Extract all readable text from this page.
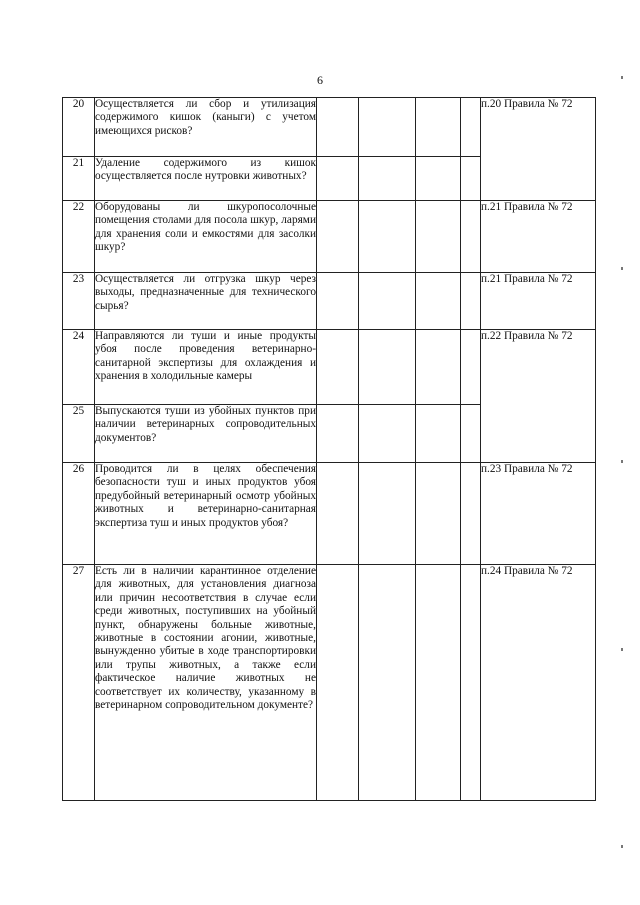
6
20	Осуществляется ли сбор и утилизация содержимого кишок (каныги) с учетом имеющихся рисков?					п.20 Правила № 72
21	Удаление содержимого из кишок осуществляется после нутровки животных?					
22	Оборудованы ли шкуропосолочные помещения столами для посола шкур, ларями для хранения соли и емкостями для засолки шкур?					п.21 Правила № 72
23	Осуществляется ли отгрузка шкур через выходы, предназначенные для технического сырья?					п.21 Правила № 72
24	Направляются ли туши и иные продукты убоя после проведения ветеринарно-санитарной экспертизы для охлаждения и хранения в холодильные камеры					п.22 Правила № 72
25	Выпускаются туши из убойных пунктов при наличии ветеринарных сопроводительных документов?					
26	Проводится ли в целях обеспечения безопасности туш и иных продуктов убоя предубойный ветеринарный осмотр убойных животных и ветеринарно-санитарная экспертиза туш и иных продуктов убоя?					п.23 Правила № 72
27	Есть ли в наличии карантинное отделение для животных, для установления диагноза или причин несоответствия в случае если среди животных, поступивших на убойный пункт, обнаружены больные животные, животные в состоянии агонии, животные, вынужденно убитые в ходе транспортировки или трупы животных, а также если фактическое наличие животных не соответствует их количеству, указанному в ветеринарном сопроводительном документе?					п.24 Правила № 72
